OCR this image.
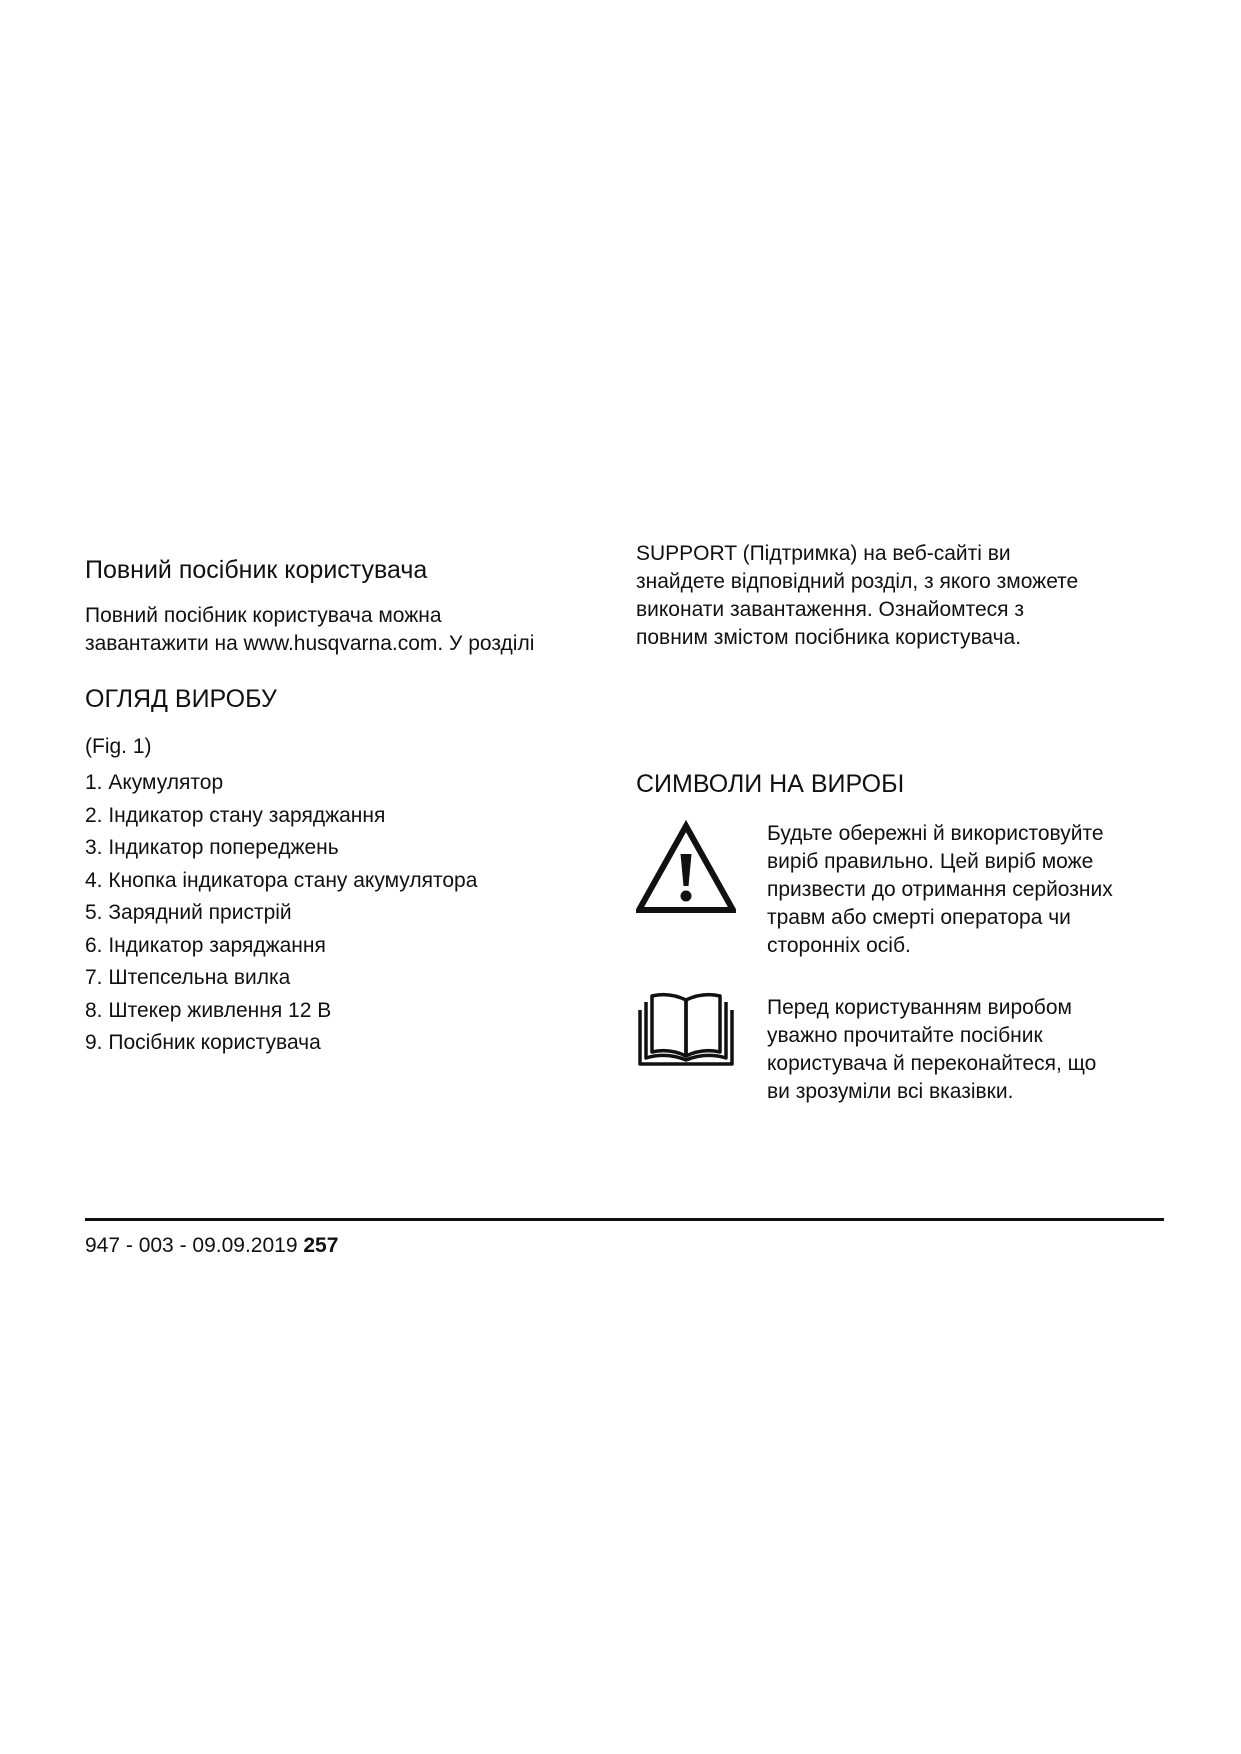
Повний посібник користувача

Повний посібник користувача можна
завантажити на www.husqvarna.com. У розділі

ОГЛЯД ВИРОБУ

(Fig. 1)

1. Акумулятор
2. Індикатор стану заряджання
3. Індикатор попереджень
4. Кнопка індикатора стану акумулятора
5. Зарядний пристрій
6. Індикатор заряджання
7. Штепсельна вилка
8. Штекер живлення 12 В
9. Посібник користувача

SUPPORT (Підтримка) на веб-сайті ви
знайдете відповідний розділ, з якого зможете
виконати завантаження. Ознайомтеся з
повним змістом посібника користувача.

СИМВОЛИ НА ВИРОБІ

Будьте обережні й використовуйте
виріб правильно. Цей виріб може
призвести до отримання серйозних
травм або смерті оператора чи
сторонніх осіб.

Перед користуванням виробом
уважно прочитайте посібник
користувача й переконайтеся, що
ви зрозуміли всі вказівки.

947 - 003 - 09.09.2019 257
